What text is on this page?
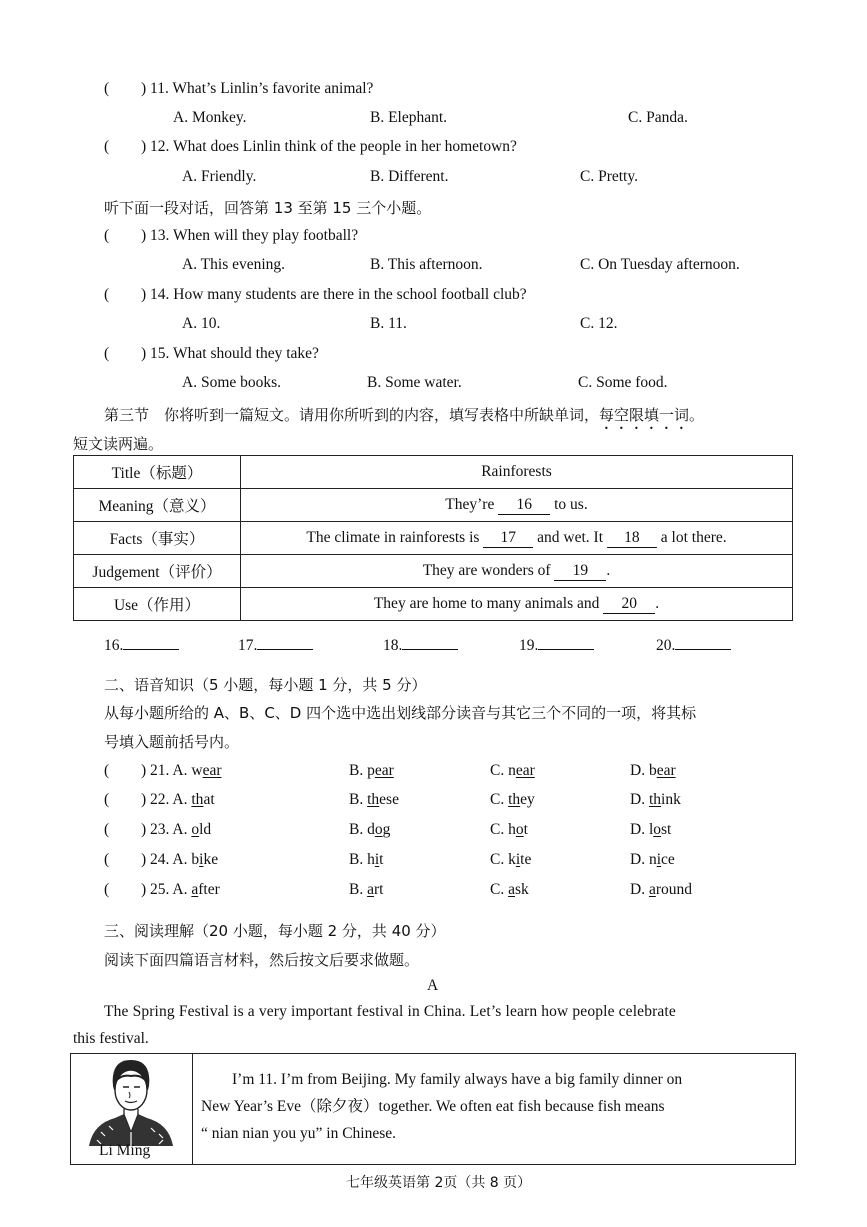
( ) 11. What’s Linlin’s favorite animal?
A. Monkey.	B. Elephant.	C. Panda.
( ) 12. What does Linlin think of the people in her hometown?
A. Friendly.	B. Different.	C. Pretty.
听下面一段对话，回答第 13 至第 15 三个小题。
( ) 13. When will they play football?
A. This evening.	B. This afternoon.	C. On Tuesday afternoon.
( ) 14. How many students are there in the school football club?
A. 10.	B. 11.	C. 12.
( ) 15. What should they take?
A. Some books.	B. Some water.	C. Some food.
第三节　你将听到一篇短文。请用你所听到的内容，填写表格中所缺单词，每空限填一词。
短文读两遍。
Title（标题）	Rainforests
Meaning（意义）	They’re 16 to us.
Facts（事实）	The climate in rainforests is 17 and wet. It 18 a lot there.
Judgement（评价）	They are wonders of 19 .
Use（作用）	They are home to many animals and 20 .
16.	17.	18.	19.	20.
二、语音知识（5 小题，每小题 1 分，共 5 分）
从每小题所给的 A、B、C、D 四个选中选出划线部分读音与其它三个不同的一项，将其标
号填入题前括号内。
( ) 21. A. wear	B. pear	C. near	D. bear
( ) 22. A. that	B. these	C. they	D. think
( ) 23. A. old	B. dog	C. hot	D. lost
( ) 24. A. bike	B. hit	C. kite	D. nice
( ) 25. A. after	B. art	C. ask	D. around
三、阅读理解（20 小题，每小题 2 分，共 40 分）
阅读下面四篇语言材料，然后按文后要求做题。
A
The Spring Festival is a very important festival in China. Let’s learn how people celebrate
this festival.
Li Ming
I’m 11. I’m from Beijing. My family always have a big family dinner on
New Year’s Eve（除夕夜）together. We often eat fish because fish means
“ nian nian you yu” in Chinese.
七年级英语第 2页（共 8 页）
